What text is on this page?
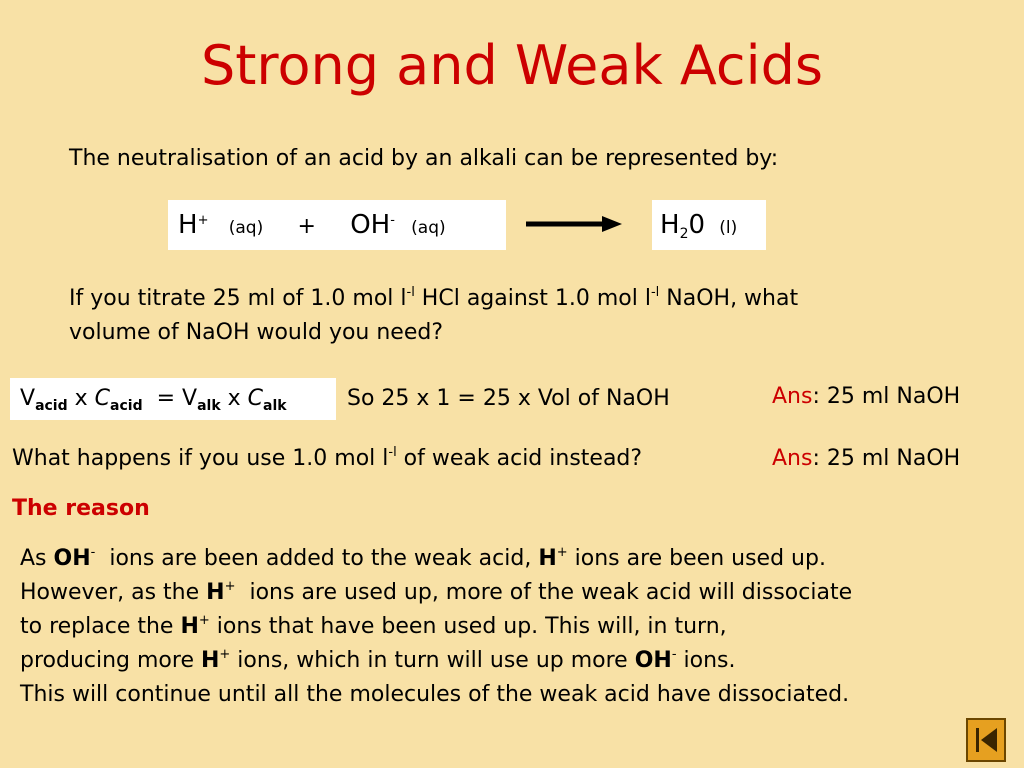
Strong and Weak Acids
The neutralisation of an acid by an alkali can be represented by:
H+ (aq) + OH- (aq)	$H_20$ (l)
If you titrate 25 ml of 1.0 mol $l^{-l}$ HCl against 1.0 mol $l^{-l}$ NaOH, what
volume of NaOH would you need?
$V_{acid}$ x $C_{acid} = V_{alk}$ x $C_{alk}$	So 25 x 1 = 25 x Vol of NaOH	Ans: 25 ml NaOH
What happens if you use 1.0 mol $l^{-l}$ of weak acid instead?	Ans: 25 ml NaOH
The reason
As OH-  ions are been added to the weak acid, H+ ions are been used up.
However, as the H+  ions are used up, more of the weak acid will dissociate
to replace the H+ ions that have been used up. This will, in turn,
producing more H+ ions, which in turn will use up more OH- ions.
This will continue until all the molecules of the weak acid have dissociated.
